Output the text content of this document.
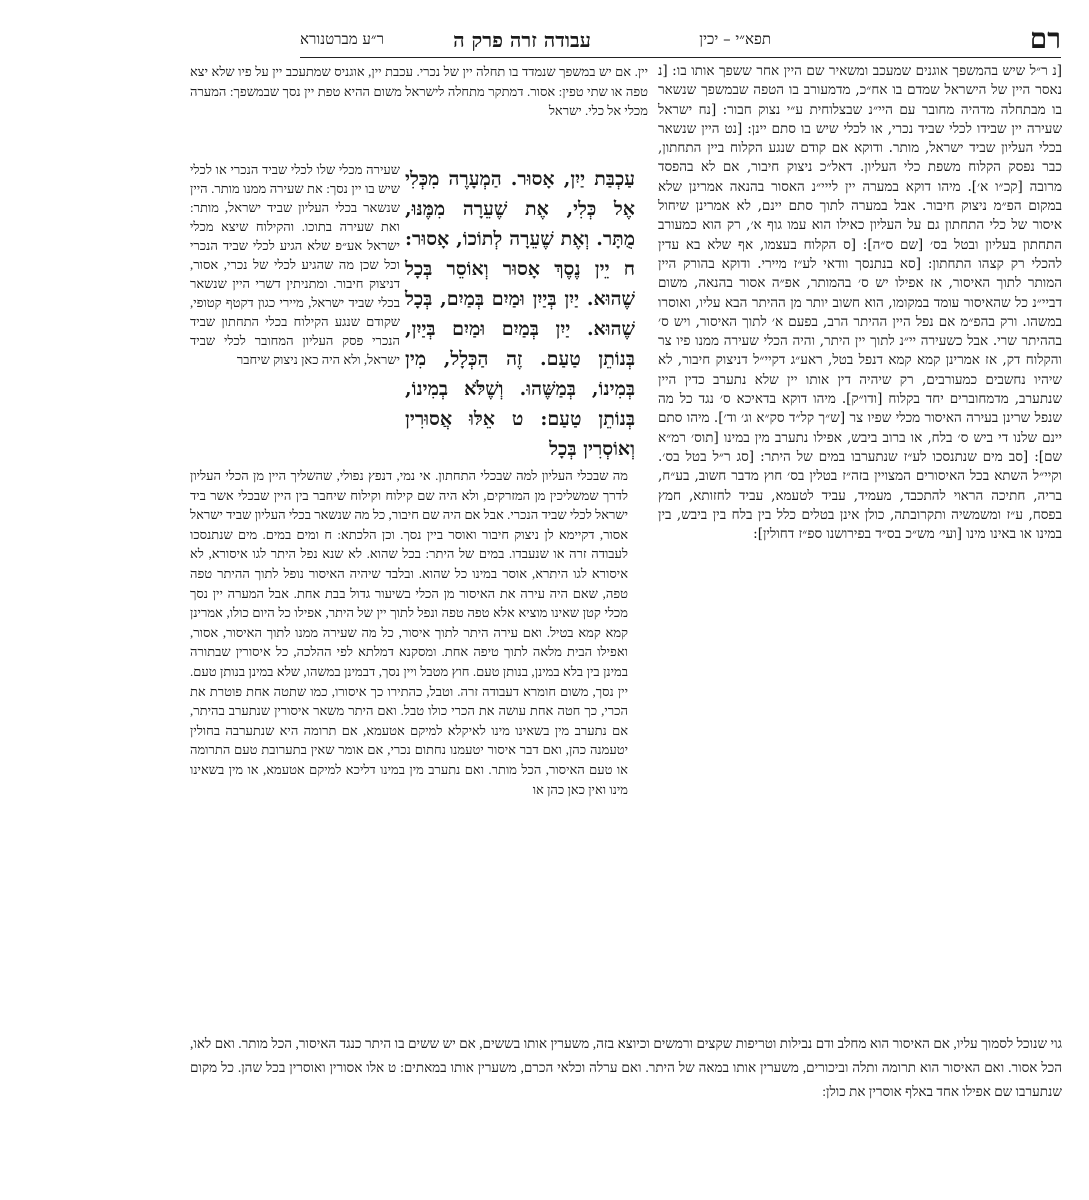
רם
תפא״י – יכין
עבודה זרה פרק ה
ר״ע מברטנורא
[נ ר״ל שיש בהמשפך אוגנים שמעכב ומשאיר שם היין אחר ששפך אותו בו: [נ נאסר היין של הישראל שמדם בו אח״כ, מדמעורב בו הטפה שבמשפך שנשאר בו מבתחלה מדהיה מחובר עם היי״נ שבצלוחית ע״י נצוק חבור: [נח ישראל שעירה יין שבידו לכלי שביד נכרי, או לכלי שיש בו סתם יינן: [נט היין שנשאר בכלי העליון שביד ישראל, מותר. ודוקא אם קודם שנגע הקלוח ביין התחתון, כבר נפסק הקלוח משפת כלי העליון. דאל״כ ניצוק חיבור, אם לא בהפסד מרובה [קכ״ו א׳]. מיהו דוקא במערה יין לייי״נ האסור בהנאה אמרינן שלא במקום הפ״מ ניצוק חיבור. אבל במערה לתוך סתם יינם, לא אמרינן שיחול איסור של כלי התחתון גם על העליון כאילו הוא עמו גוף א׳, רק הוא כמעורב התחתון בעליון ובטל בס׳ [שם ס״ה]: [ס הקלוח בעצמו, אף שלא בא עדין להכלי רק קצהו התחתון: [סא בנתנסך וודאי לע״ז מיירי. ודוקא בהורק היין המותר לתוך האיסור, אז אפילו יש ס׳ בהמותר, אפ״ה אסור בהנאה, משום דביי״נ כל שהאיסור עומד במקומו, הוא חשוב יותר מן ההיתר הבא עליו, ואוסרו במשהו. ורק בהפ״מ אם נפל היין ההיתר הרב, בפעם א׳ לתוך האיסור, ויש ס׳ בההיתר שרי. אבל כשעירה יי״נ לתוך יין היתר, והיה הכלי שעירה ממנו פיו צר והקלוח דק, אז אמרינן קמא קמא דנפל בטל, ראע״ג דקיי״ל דניצוק חיבור, לא שיהיו נחשבים כמעורבים, רק שיהיה דין אותו יין שלא נתערב כדין היין שנתערב, מדמחוברים יחד בקלוח [ודו״ק]. מיהו דוקא בדאיכא ס׳ נגד כל מה שנפל שרינן בעירה האיסור מכלי שפיו צר [ש״ך קל״ד סק״א וג׳ וד׳]. מיהו סתם יינם שלנו די ביש ס׳ בלח, או ברוב ביבש, אפילו נתערב מין במינו [תוס׳ רמ״א שם]: [סב מים שנתנסכו לע״ז שנתערבו במים של היתר: [סג ר״ל בטל בס׳. וקיי״ל השתא בכל האיסורים המצויין בזה״ז בטלין בס׳ חוץ מדבר חשוב, בע״ח, בריה, חתיכה הראוי להתכבד, מעמיד, עביד לטעמא, עביד לחזותא, חמץ בפסח, ע״ז ומשמשיה ותקרובתה, כולן אינן בטלים כלל בין בלח בין ביבש, בין במינו או באינו מינו [ועי׳ מש״כ בס״ד בפירושנו ספ״ז דחולין]:
עַכְבַּת יַיִן, אָסוּר. הַמְעָרֶה מִכְּלִי אֶל כְּלִי, אֶת שֶׁעֵרָה מִמֶּנּוּ, מֻתָּר. וְאֶת שֶׁעֵרָה לְתוֹכוֹ, אָסוּר: ח יֵין נֶסֶךְ אָסוּר וְאוֹסֵר בְּכָל שֶׁהוּא. יַיִן בְּיַיִן וּמַיִם בְּמַיִם, בְּכָל שֶׁהוּא. יַיִן בְּמַיִם וּמַיִם בְּיַיִן, בְּנוֹתֵן טַעַם. זֶה הַכְּלָל, מִין בְּמִינוֹ, בְּמַשֶּׁהוּ. וְשֶׁלֹּא בְמִינוֹ, בְּנוֹתֵן טַעַם: ט אֵלּוּ אֲסוּרִין וְאוֹסְרִין בְּכָל
יין. אם יש במשפך שנמדד בו תחלה יין של נכרי. עכבת יין, אוגניס שמתעכב יין על פיו שלא יצא טפה או שתי טפין: אסור. דמתקר מתחלה לישראל משום ההיא טפת יין נסך שבמשפך: המערה מכלי אל כלי. ישראל
שעירה מכלי שלו לכלי שביד הנכרי או לכלי שיש בו יין נסך: את שעירה ממנו מותר. היין שנשאר בכלי העליון שביד ישראל, מותר: ואת שעירה בתוכו. והקילוח שיצא מכלי ישראל אע״פ שלא הגיע לכלי שביד הנכרי וכל שכן מה שהגיע לכלי של נכרי, אסור, דניצוק חיבור. ומתניתין דשרי היין שנשאר בכלי שביד ישראל, מיירי כגון דקטף קטופי, שקודם שנגע הקילוח בכלי התחתון שביד הנכרי פסק העליון המחובר לכלי שביד ישראל, ולא היה כאן ניצוק שיחבר
מה שבכלי העליון למה שבכלי התחתון. אי נמי, דנפץ נפולי, שהשליך היין מן הכלי העליון לדרך שמשליכין מן המזרקים, ולא היה שם קילוח וקילוח שיחבר בין היין שבכלי אשר ביד ישראל לכלי שביד הנכרי. אבל אם היה שם חיבור, כל מה שנשאר בכלי העליון שביד ישראל אסור, דקיימא לן ניצוק חיבור ואוסר ביין נסך. וכן הלכתא: ח ומים במים. מים שנתנסכו לעבודה זרה או שנעבדו. במים של היתר: בכל שהוא. לא שנא נפל היתר לגו איסורא, לא איסורא לגו היתרא, אוסר במינו כל שהוא. ובלבד שיהיה האיסור נופל לתוך ההיתר טפה טפה, שאם היה עירה את האיסור מן הכלי בשיעור גדול בבת אחת. אבל המערה יין נסך מכלי קטן שאינו מוציא אלא טפה טפה ונפל לתוך יין של היתר, אפילו כל היום כולו, אמרינן קמא קמא בטיל. ואם עירה היתר לתוך איסור, כל מה שעירה ממנו לתוך האיסור, אסור, ואפילו הבית מלאה לתוך טיפה אחת. ומסקנא דמלתא לפי ההלכה, כל איסורין שבתורה במינן בין בלא במינן, בנותן טעם. חוץ מטבל ויין נסך, דבמינן במשהו, שלא במינן בנותן טעם. יין נסך, משום חומרא דעבודה זרה. וטבל, כהתירו כך איסורו, כמו שתטה אחת פוטרת את הכרי, כך חטה אחת עושה את הכרי כולו טבל. ואם היתר משאר איסורין שנתערב בהיתר, אם נתערב מין בשאינו מינו לאיקלא למיקם אטעמא, אם תרומה היא שנתערבה בחולין יטעמנה כהן, ואם דבר איסור יטעמנו נחתום נכרי, אם אומר שאין בתערובת טעם התרומה או טעם האיסור, הכל מותר. ואם נתערב מין במינו דליכא למיקם אטעמא, או מין בשאינו מינו ואין כאן כהן או
גוי שנוכל לסמוך עליו, אם האיסור הוא מחלב ודם נבילות וטריפות שקצים ורמשים וכיוצא בזה, משערין אותו בששים, אם יש ששים בו היתר כנגד האיסור, הכל מותר. ואם לאו, הכל אסור. ואם האיסור הוא תרומה ותלה וביכורים, משערין אותו במאה של היתר. ואם ערלה וכלאי הכרם, משערין אותו במאתים: ט אלו אסורין ואוסרין בכל שהן. כל מקום שנתערבו שם אפילו אחד באלף אוסרין את כולן:
